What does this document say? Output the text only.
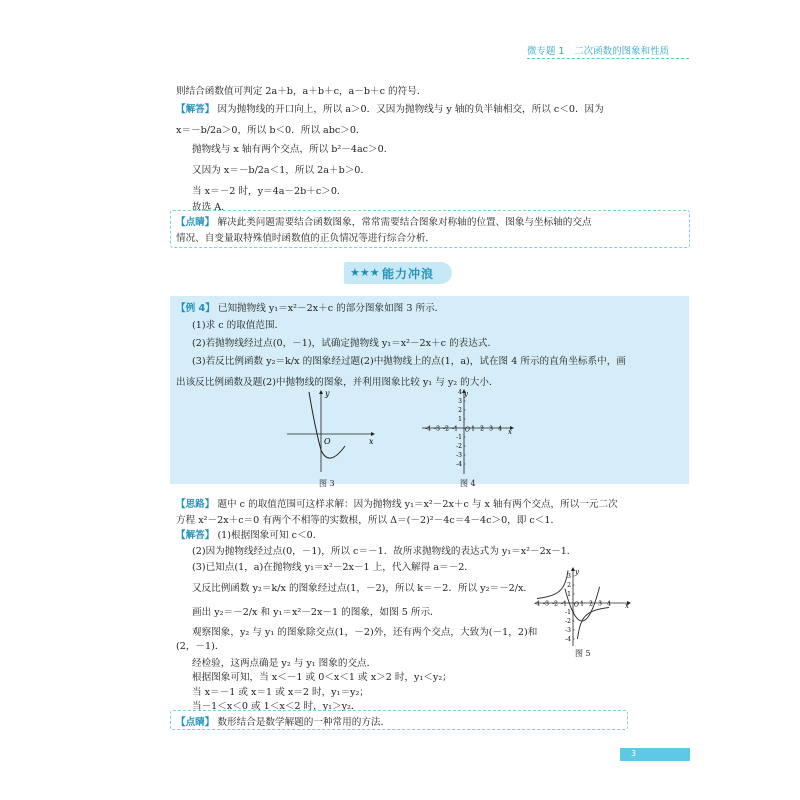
微专题 1　二次函数的图象和性质
则结合函数值可判定 2a＋b，a＋b＋c，a－b＋c 的符号．
【解答】 因为抛物线的开口向上，所以 a＞0．又因为抛物线与 y 轴的负半轴相交，所以 c＜0．因为
x＝－b/2a＞0，所以 b＜0．所以 abc＞0．
抛物线与 x 轴有两个交点，所以 b²－4ac＞0．
又因为 x＝－b/2a＜1，所以 2a＋b＞0．
当 x＝－2 时，y＝4a－2b＋c＞0．
故选 A．
【点睛】 解决此类问题需要结合函数图象，常常需要结合图象对称轴的位置、图象与坐标轴的交点
情况、自变量取特殊值时函数值的正负情况等进行综合分析．
★★★ 能力冲浪
【例 4】 已知抛物线 y₁＝x²－2x＋c 的部分图象如图 3 所示．
(1)求 c 的取值范围．
(2)若抛物线经过点(0，－1)，试确定抛物线 y₁＝x²－2x＋c 的表达式．
(3)若反比例函数 y₂＝k/x 的图象经过题(2)中抛物线上的点(1，a)，试在图 4 所示的直角坐标系中，画
出该反比例函数及题(2)中抛物线的图象，并利用图象比较 y₁ 与 y₂ 的大小．
y
x
O
图 3
-4 -3 -2 -1 1 2 3 4
4
3
2
1
-1
-2
-3
-4
O
y
x
图 4
【思路】 题中 c 的取值范围可这样求解：因为抛物线 y₁＝x²－2x＋c 与 x 轴有两个交点，所以一元二次
方程 x²－2x＋c＝0 有两个不相等的实数根，所以 Δ＝(－2)²－4c＝4－4c＞0，即 c＜1．
【解答】 (1)根据图象可知 c＜0．
(2)因为抛物线经过点(0，－1)，所以 c＝－1．故所求抛物线的表达式为 y₁＝x²－2x－1．
(3)已知点(1，a)在抛物线 y₁＝x²－2x－1 上，代入解得 a＝－2．
又反比例函数 y₂＝k/x 的图象经过点(1，－2)，所以 k＝－2．所以 y₂＝－2/x．
画出 y₂＝－2/x 和 y₁＝x²－2x－1 的图象，如图 5 所示．
观察图象，y₂ 与 y₁ 的图象除交点(1，－2)外，还有两个交点，大致为(－1，2)和
(2，－1)．
经检验，这两点确是 y₂ 与 y₁ 图象的交点．
根据图象可知，当 x＜－1 或 0＜x＜1 或 x＞2 时，y₁＜y₂；
当 x＝－1 或 x＝1 或 x＝2 时，y₁＝y₂；
当－1＜x＜0 或 1＜x＜2 时，y₁＞y₂．
-4 -3 -2 -1 1 2 3 4
3
2
1
-1
-2
-3
-4
O
y
x
图 5
【点睛】 数形结合是数学解题的一种常用的方法．
3
